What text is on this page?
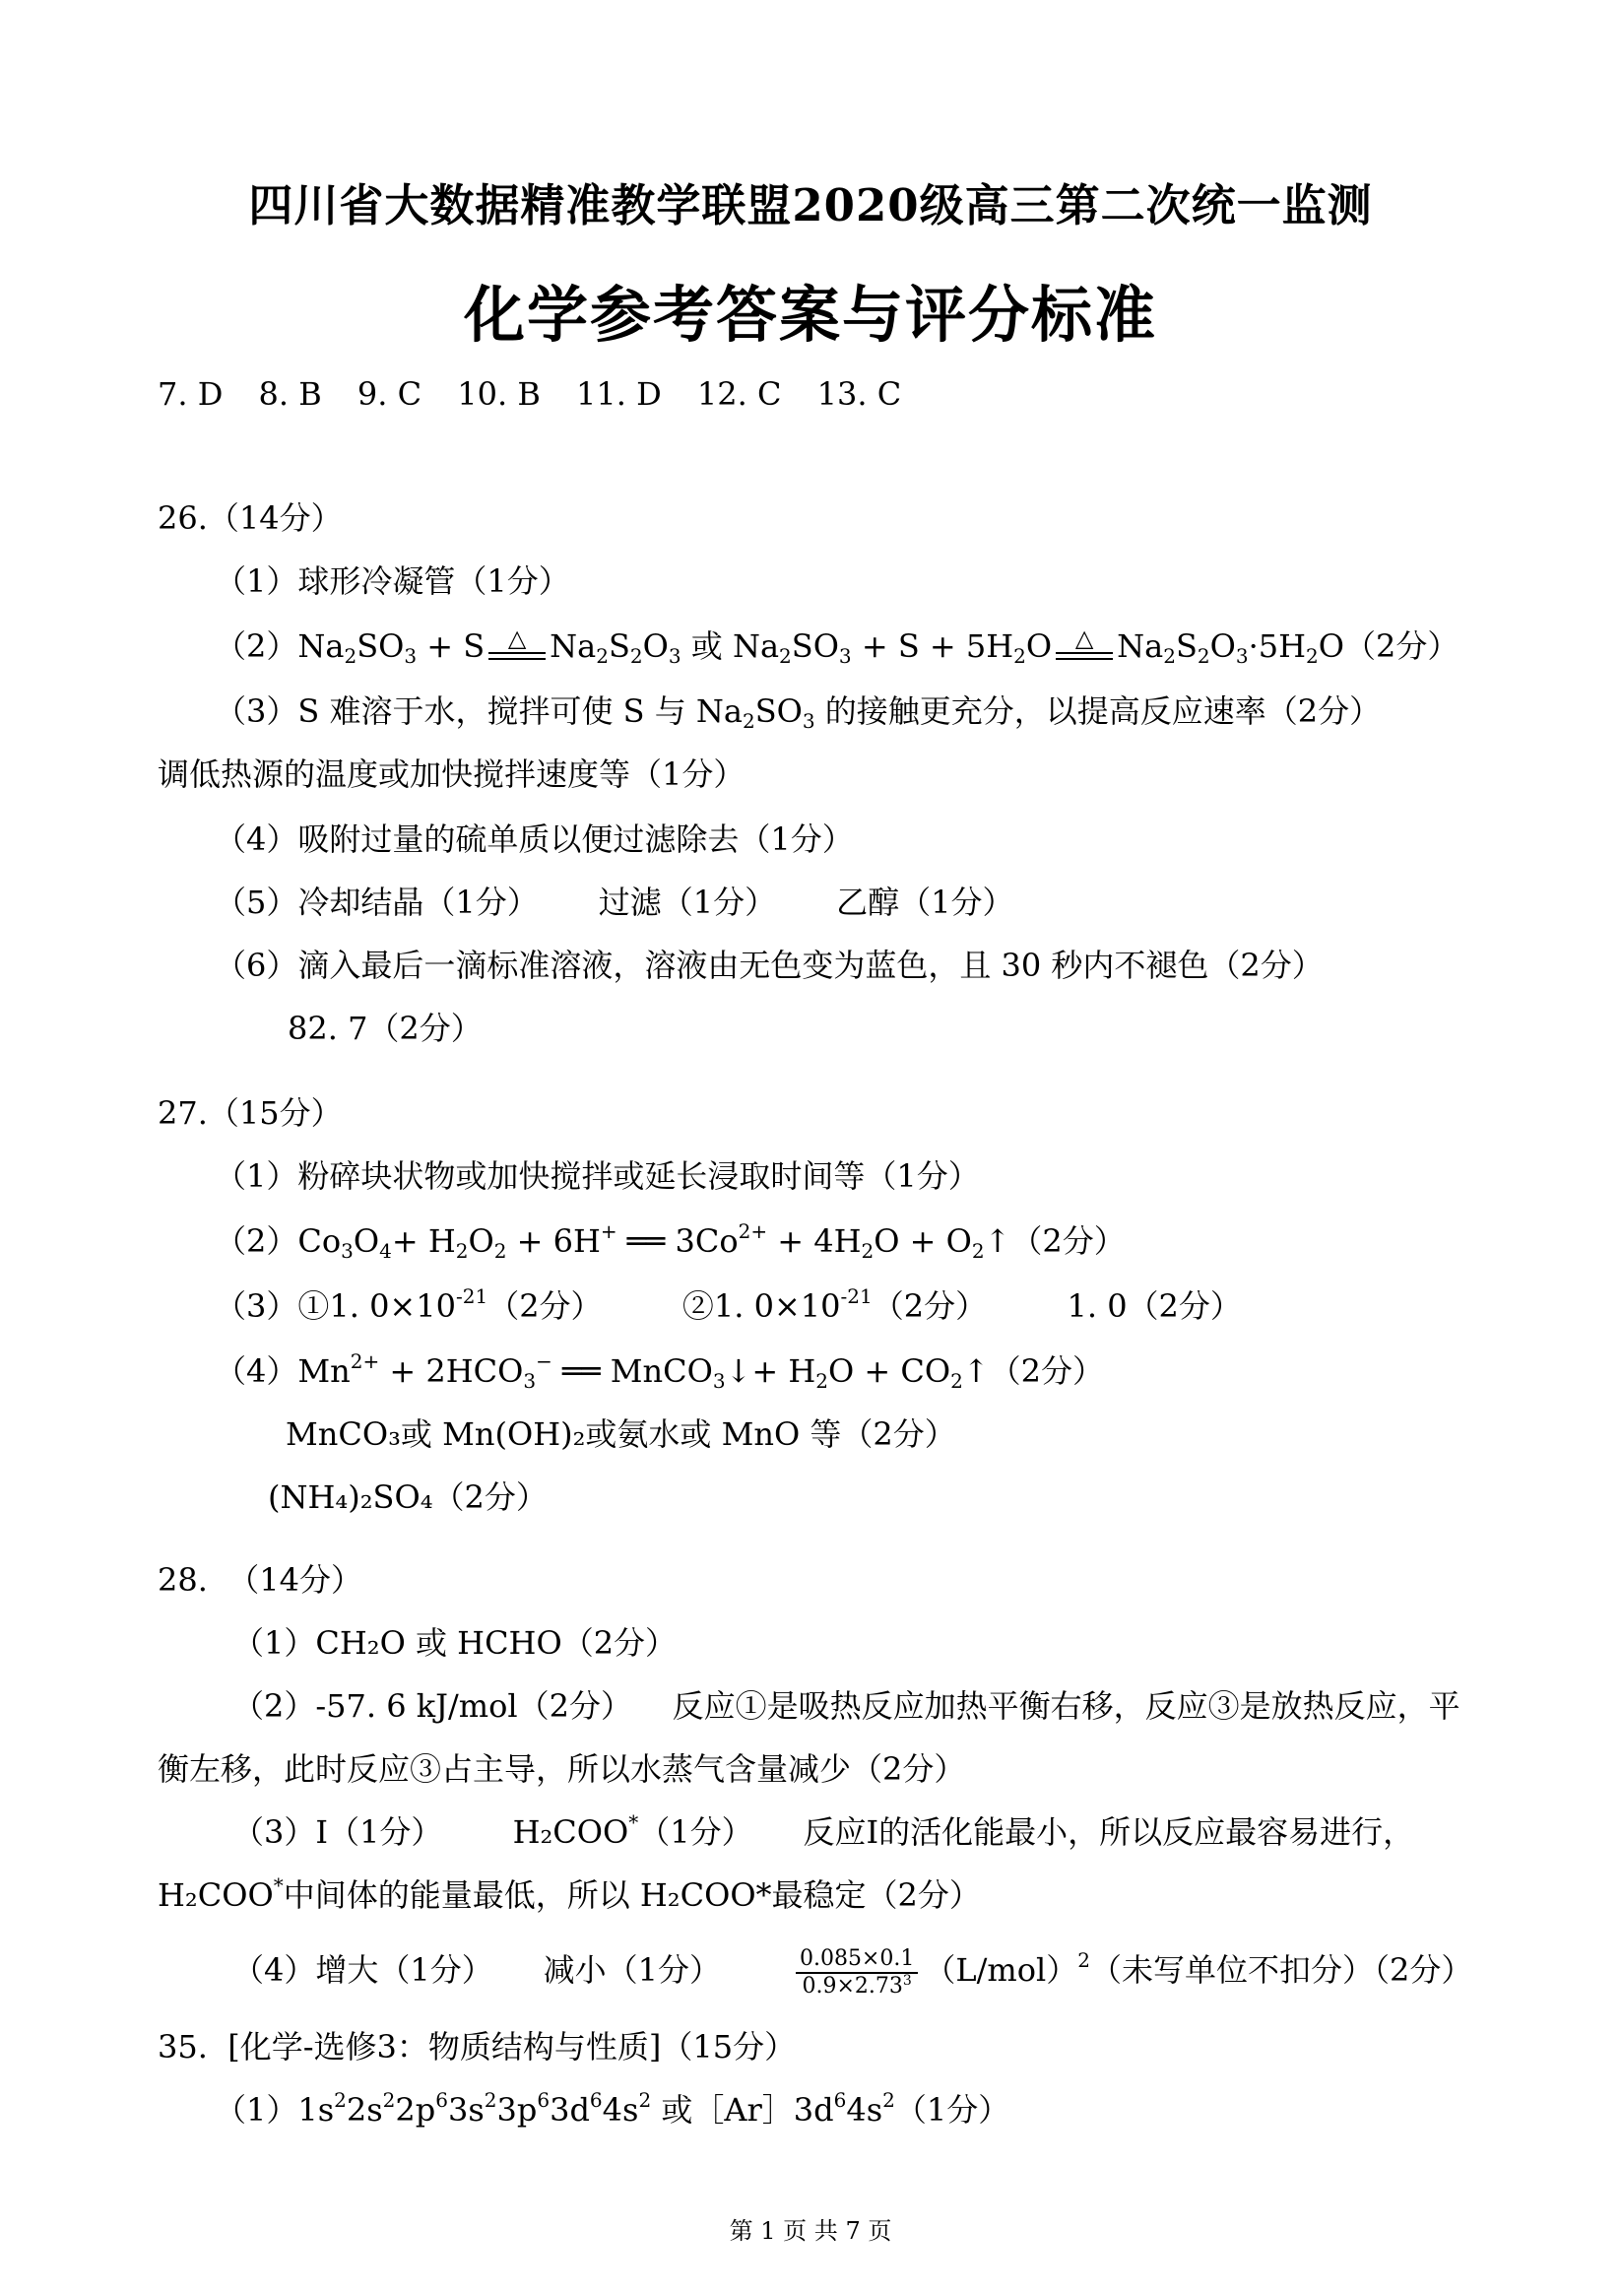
四川省大数据精准教学联盟2020级高三第二次统一监测
化学参考答案与评分标准
7. D 8. B 9. C 10. B 11. D 12. C 13. C
26.（14分）
（1）球形冷凝管（1分）
$(2)Na_2SO_3 + S$ △ $Na_2S_2O_3$ 或 $Na_2SO_3 + S + 5H_2O$ △ $Na_2S_2O_3\cdot 5H_2O(2$分）
（3）S 难溶于水，搅拌可使 S 与 $Na_2SO_3$ 的接触更充分，以提高反应速率（2分）
调低热源的温度或加快搅拌速度等（1分）
（4）吸附过量的硫单质以便过滤除去（1分）
（5）冷却结晶（1分）      过滤（1分）      乙醇（1分）
（6）滴入最后一滴标准溶液，溶液由无色变为蓝色，且 30 秒内不褪色（2分）
82. 7（2分）
27.（15分）
（1）粉碎块状物或加快搅拌或延长浸取时间等（1分）
$(2)Co_3O_4+ H_2O_2 + 6H^+$ ══ $3Co^{2+} + 4H_2O$ + $O_2↑(2$分）
（3）①1. $0\times 10^{-21}(2$分）        ②1. $0\times 10^{-21}(2$分）        1. 0（2分）
$(4)Mn^{2+} + 2HCO_3^-$ ══ MnCO$_3$↓+ $H_2O$ + $CO_2↑(2$分）
MnCO₃或 Mn(OH)₂或氨水或 MnO 等（2分）
(NH₄)₂SO₄（2分）
28.  （14分）
（1）CH₂O 或 HCHO（2分）
（2）-57. 6 kJ/mol（2分）    反应①是吸热反应加热平衡右移，反应③是放热反应，平
衡左移，此时反应③占主导，所以水蒸气含量减少（2分）
（3）Ⅰ（1分）       H₂COO*（1分）     反应Ⅰ的活化能最小，所以反应最容易进行，
H₂COO*中间体的能量最低，所以 H₂COO*最稳定（2分）
（4）增大（1分）     减小（1分）	$\frac{0.085\times 0.1}{0.9\times 2.73^3} (L/mol)^2$（未写单位不扣分）（2分）
35.  [化学-选修3：物质结构与性质]（15分）
$(1)1s^22s^22p^63s^23p^63d^64s^2$ 或$[Ar]3d^64s^2(1$分）
第 1 页 共 7 页
